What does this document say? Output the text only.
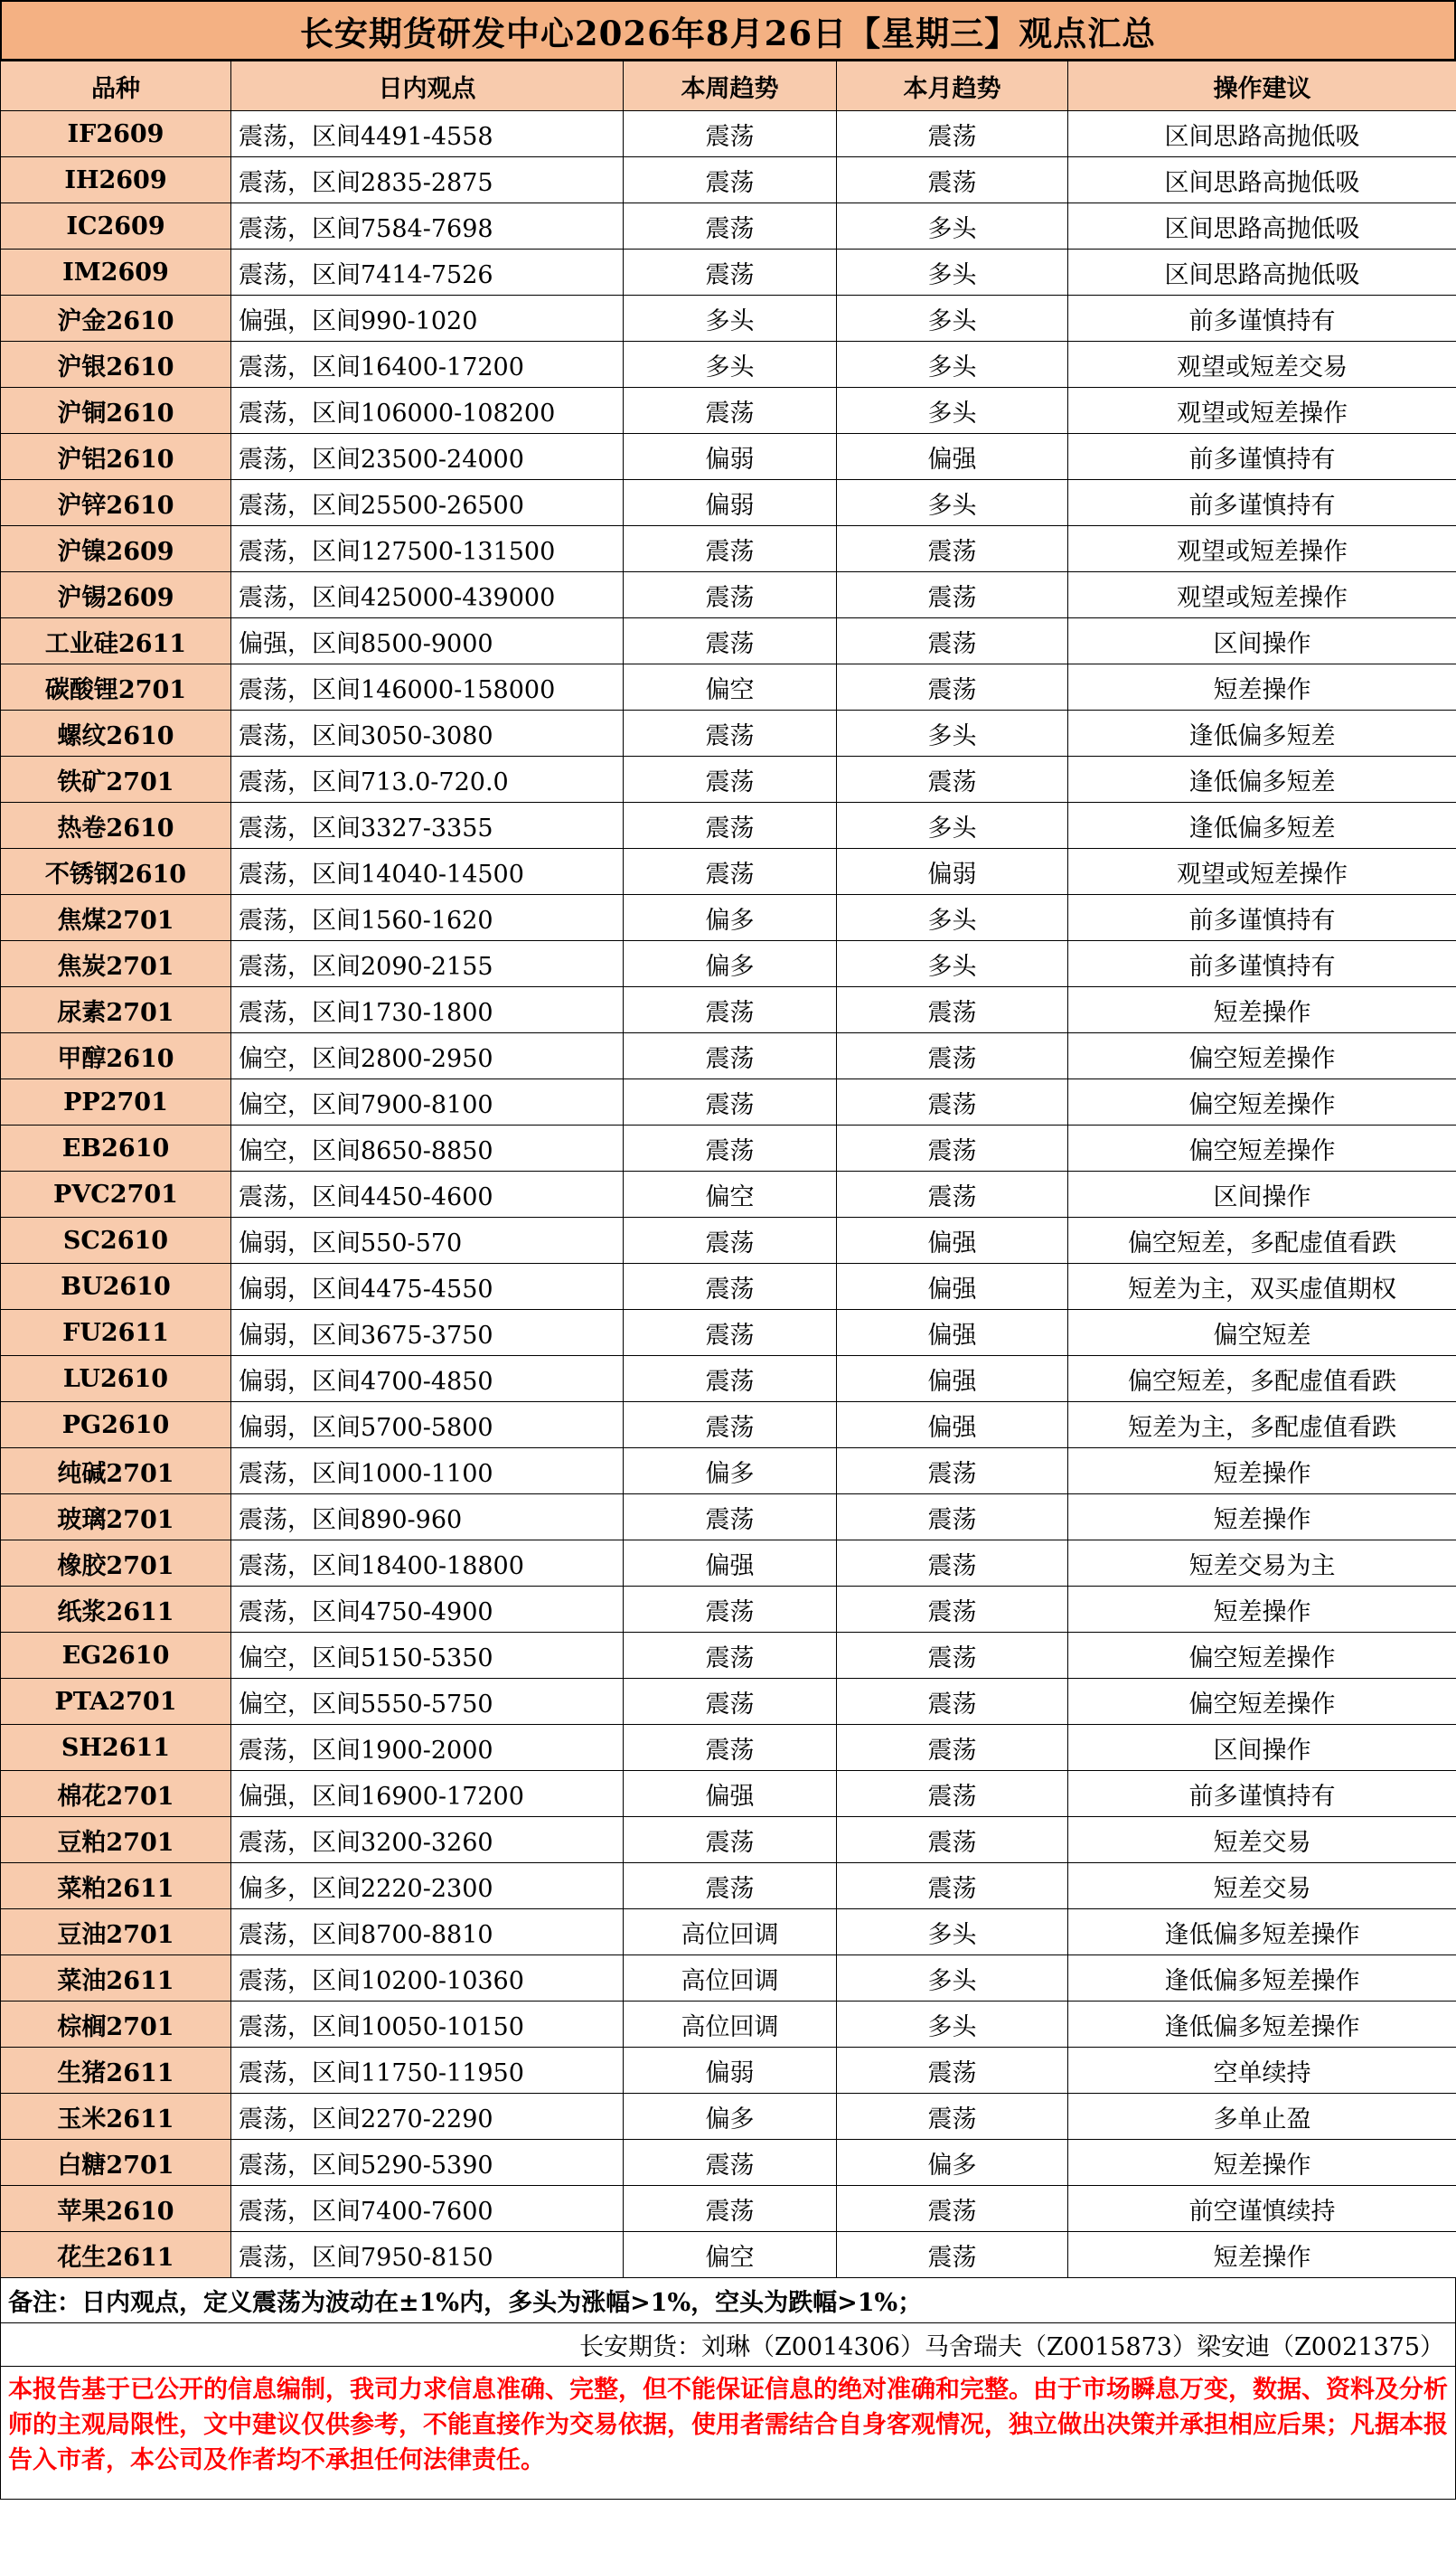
长安期货研发中心2026年8月26日【星期三】观点汇总
品种	日内观点	本周趋势	本月趋势	操作建议
IF2609	震荡，区间4491-4558	震荡	震荡	区间思路高抛低吸
IH2609	震荡，区间2835-2875	震荡	震荡	区间思路高抛低吸
IC2609	震荡，区间7584-7698	震荡	多头	区间思路高抛低吸
IM2609	震荡，区间7414-7526	震荡	多头	区间思路高抛低吸
沪金2610	偏强，区间990-1020	多头	多头	前多谨慎持有
沪银2610	震荡，区间16400-17200	多头	多头	观望或短差交易
沪铜2610	震荡，区间106000-108200	震荡	多头	观望或短差操作
沪铝2610	震荡，区间23500-24000	偏弱	偏强	前多谨慎持有
沪锌2610	震荡，区间25500-26500	偏弱	多头	前多谨慎持有
沪镍2609	震荡，区间127500-131500	震荡	震荡	观望或短差操作
沪锡2609	震荡，区间425000-439000	震荡	震荡	观望或短差操作
工业硅2611	偏强，区间8500-9000	震荡	震荡	区间操作
碳酸锂2701	震荡，区间146000-158000	偏空	震荡	短差操作
螺纹2610	震荡，区间3050-3080	震荡	多头	逢低偏多短差
铁矿2701	震荡，区间713.0-720.0	震荡	震荡	逢低偏多短差
热卷2610	震荡，区间3327-3355	震荡	多头	逢低偏多短差
不锈钢2610	震荡，区间14040-14500	震荡	偏弱	观望或短差操作
焦煤2701	震荡，区间1560-1620	偏多	多头	前多谨慎持有
焦炭2701	震荡，区间2090-2155	偏多	多头	前多谨慎持有
尿素2701	震荡，区间1730-1800	震荡	震荡	短差操作
甲醇2610	偏空，区间2800-2950	震荡	震荡	偏空短差操作
PP2701	偏空，区间7900-8100	震荡	震荡	偏空短差操作
EB2610	偏空，区间8650-8850	震荡	震荡	偏空短差操作
PVC2701	震荡，区间4450-4600	偏空	震荡	区间操作
SC2610	偏弱，区间550-570	震荡	偏强	偏空短差，多配虚值看跌
BU2610	偏弱，区间4475-4550	震荡	偏强	短差为主，双买虚值期权
FU2611	偏弱，区间3675-3750	震荡	偏强	偏空短差
LU2610	偏弱，区间4700-4850	震荡	偏强	偏空短差，多配虚值看跌
PG2610	偏弱，区间5700-5800	震荡	偏强	短差为主，多配虚值看跌
纯碱2701	震荡，区间1000-1100	偏多	震荡	短差操作
玻璃2701	震荡，区间890-960	震荡	震荡	短差操作
橡胶2701	震荡，区间18400-18800	偏强	震荡	短差交易为主
纸浆2611	震荡，区间4750-4900	震荡	震荡	短差操作
EG2610	偏空，区间5150-5350	震荡	震荡	偏空短差操作
PTA2701	偏空，区间5550-5750	震荡	震荡	偏空短差操作
SH2611	震荡，区间1900-2000	震荡	震荡	区间操作
棉花2701	偏强，区间16900-17200	偏强	震荡	前多谨慎持有
豆粕2701	震荡，区间3200-3260	震荡	震荡	短差交易
菜粕2611	偏多，区间2220-2300	震荡	震荡	短差交易
豆油2701	震荡，区间8700-8810	高位回调	多头	逢低偏多短差操作
菜油2611	震荡，区间10200-10360	高位回调	多头	逢低偏多短差操作
棕榈2701	震荡，区间10050-10150	高位回调	多头	逢低偏多短差操作
生猪2611	震荡，区间11750-11950	偏弱	震荡	空单续持
玉米2611	震荡，区间2270-2290	偏多	震荡	多单止盈
白糖2701	震荡，区间5290-5390	震荡	偏多	短差操作
苹果2610	震荡，区间7400-7600	震荡	震荡	前空谨慎续持
花生2611	震荡，区间7950-8150	偏空	震荡	短差操作
备注：日内观点，定义震荡为波动在±1%内，多头为涨幅>1%，空头为跌幅>1%；
长安期货：刘琳（Z0014306）马舍瑞夫（Z0015873）梁安迪（Z0021375）
本报告基于已公开的信息编制，我司力求信息准确、完整，但不能保证信息的绝对准确和完整。由于市场瞬息万变，数据、资料及分析师的主观局限性，文中建议仅供参考，不能直接作为交易依据，使用者需结合自身客观情况，独立做出决策并承担相应后果；凡据本报告入市者，本公司及作者均不承担任何法律责任。
